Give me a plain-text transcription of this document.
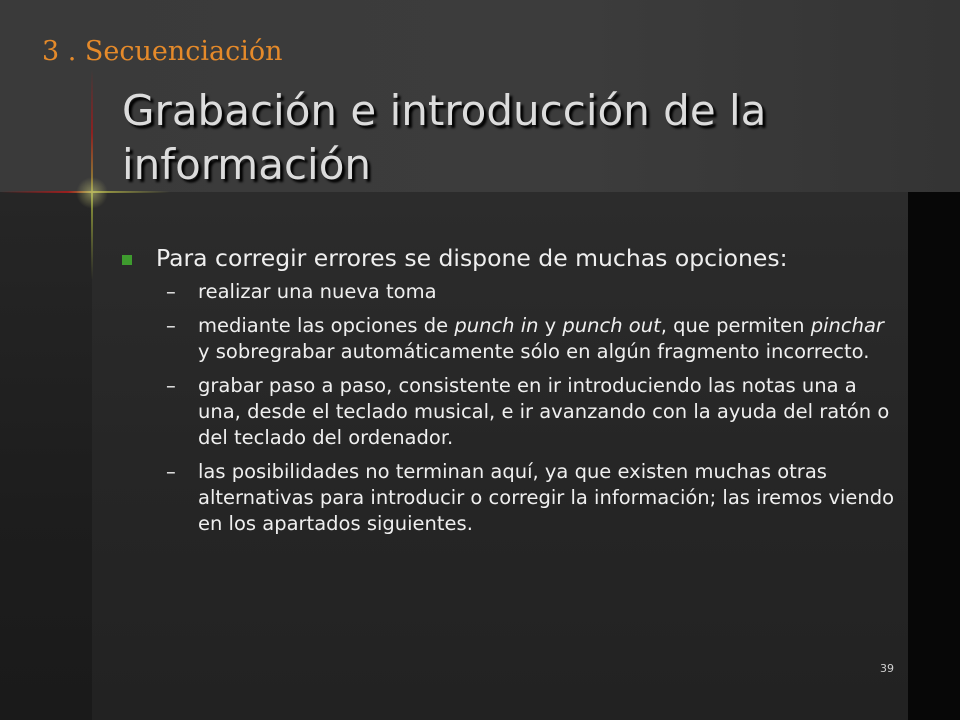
3 . Secuenciación
Grabación e introducción de la información
Para corregir errores se dispone de muchas opciones:
– realizar una nueva toma
– mediante las opciones de punch in y punch out, que permiten pinchar y sobregrabar automáticamente sólo en algún fragmento incorrecto.
– grabar paso a paso, consistente en ir introduciendo las notas una a una, desde el teclado musical, e ir avanzando con la ayuda del ratón o del teclado del ordenador.
– las posibilidades no terminan aquí, ya que existen muchas otras alternativas para introducir o corregir la información; las iremos viendo en los apartados siguientes.
39
